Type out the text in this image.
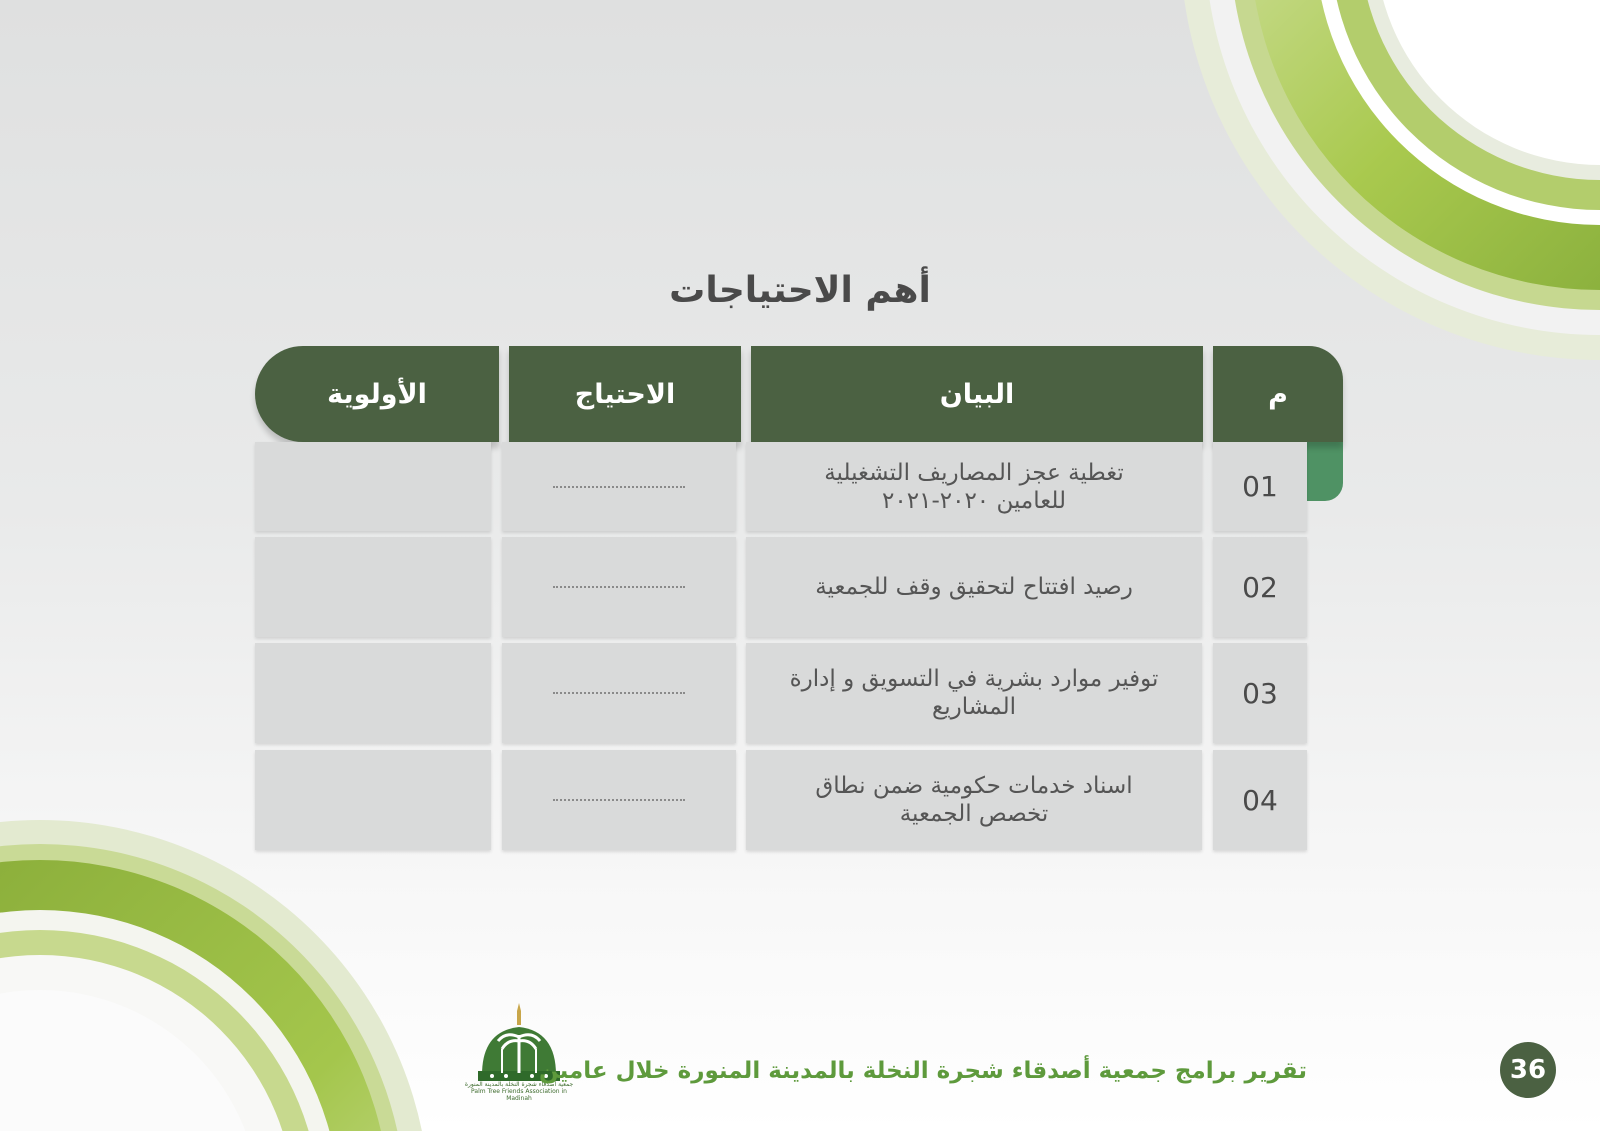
أهم الاحتياجات
م
البيان
الاحتياج
الأولوية
01
تغطية عجز المصاريف التشغيلية للعامين ٢٠٢٠-٢٠٢١
02
رصيد افتتاح لتحقيق وقف للجمعية
03
توفير موارد بشرية في التسويق و إدارة المشاريع
04
اسناد خدمات حكومية ضمن نطاق تخصص الجمعية
جمعية أصدقاء شجرة النخلة بالمدينة المنورة
Palm Tree Friends Association in Madinah
تقرير برامج جمعية أصدقاء شجرة النخلة بالمدينة المنورة خلال عامين	36
